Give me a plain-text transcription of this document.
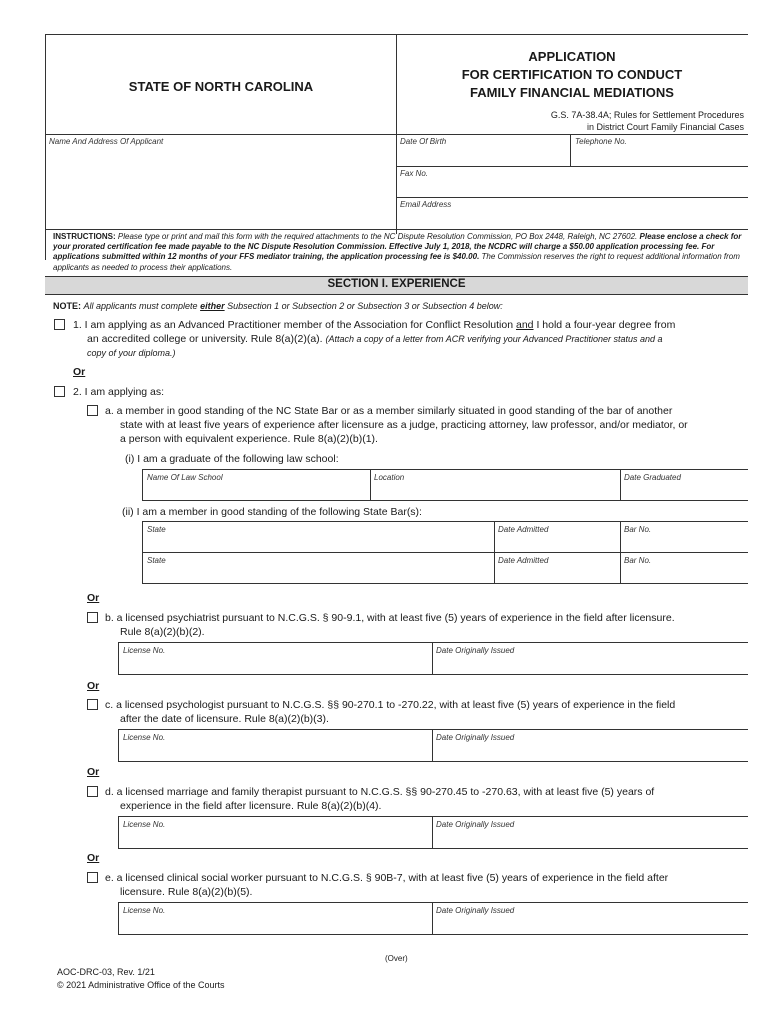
STATE OF NORTH CAROLINA
APPLICATION
FOR CERTIFICATION TO CONDUCT
FAMILY FINANCIAL MEDIATIONS
G.S. 7A-38.4A; Rules for Settlement Procedures
in District Court Family Financial Cases
Name And Address Of Applicant	Date Of Birth	Telephone No.
Fax No.
Email Address
INSTRUCTIONS: Please type or print and mail this form with the required attachments to the NC Dispute Resolution Commission, PO Box 2448, Raleigh, NC 27602. Please enclose a check for your prorated certification fee made payable to the NC Dispute Resolution Commission. Effective July 1, 2018, the NCDRC will charge a $50.00 application processing fee. For applications submitted within 12 months of your FFS mediator training, the application processing fee is $40.00. The Commission reserves the right to request additional information from applicants as needed to process their applications.
SECTION I. EXPERIENCE
NOTE: All applicants must complete either Subsection 1 or Subsection 2 or Subsection 3 or Subsection 4 below:
1. I am applying as an Advanced Practitioner member of the Association for Conflict Resolution and I hold a four-year degree from
an accredited college or university. Rule 8(a)(2)(a). (Attach a copy of a letter from ACR verifying your Advanced Practitioner status and a
copy of your diploma.)
Or
2. I am applying as:
a. a member in good standing of the NC State Bar or as a member similarly situated in good standing of the bar of another
state with at least five years of experience after licensure as a judge, practicing attorney, law professor, and/or mediator, or
a person with equivalent experience. Rule 8(a)(2)(b)(1).
(i) I am a graduate of the following law school:
Name Of Law School	Location	Date Graduated
(ii) I am a member in good standing of the following State Bar(s):
State	Date Admitted	Bar No.
State	Date Admitted	Bar No.
Or
b. a licensed psychiatrist pursuant to N.C.G.S. § 90-9.1, with at least five (5) years of experience in the field after licensure.
Rule 8(a)(2)(b)(2).
License No.	Date Originally Issued
Or
c. a licensed psychologist pursuant to N.C.G.S. §§ 90-270.1 to -270.22, with at least five (5) years of experience in the field
after the date of licensure. Rule 8(a)(2)(b)(3).
License No.	Date Originally Issued
Or
d. a licensed marriage and family therapist pursuant to N.C.G.S. §§ 90-270.45 to -270.63, with at least five (5) years of
experience in the field after licensure. Rule 8(a)(2)(b)(4).
License No.	Date Originally Issued
Or
e. a licensed clinical social worker pursuant to N.C.G.S. § 90B-7, with at least five (5) years of experience in the field after
licensure. Rule 8(a)(2)(b)(5).
License No.	Date Originally Issued
(Over)
AOC-DRC-03, Rev. 1/21
© 2021 Administrative Office of the Courts
